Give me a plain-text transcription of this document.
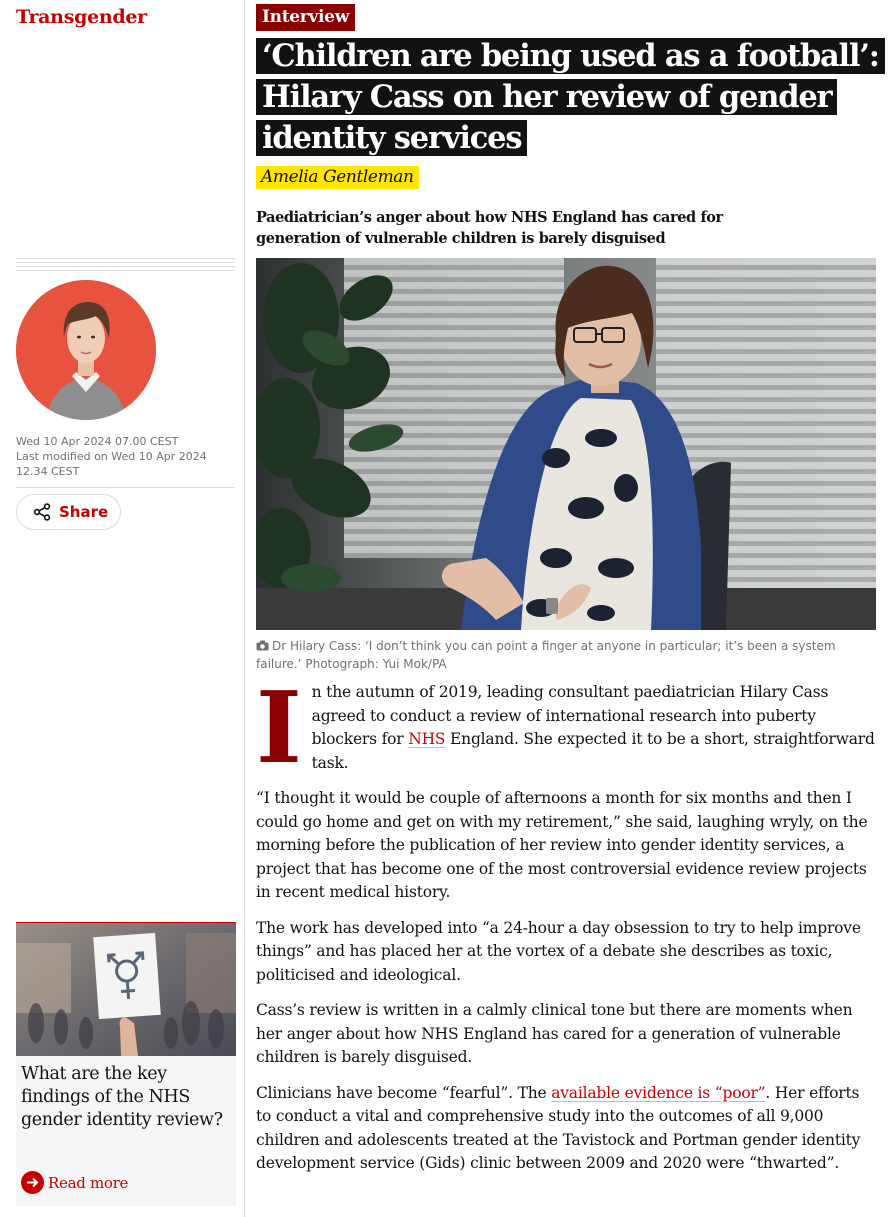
Transgender
Wed 10 Apr 2024 07.00 CEST
Last modified on Wed 10 Apr 2024 12.34 CEST
Share
What are the key findings of the NHS gender identity review?
Read more
Interview
‘Children are being used as a football’: Hilary Cass on her review of gender identity services
Amelia Gentleman
Paediatrician’s anger about how NHS England has cared for generation of vulnerable children is barely disguised
Dr Hilary Cass: ‘I don’t think you can point a finger at anyone in particular; it’s been a system failure.’ Photograph: Yui Mok/PA

In the autumn of 2019, leading consultant paediatrician Hilary Cass agreed to conduct a review of international research into puberty blockers for NHS England. She expected it to be a short, straightforward task.

“I thought it would be couple of afternoons a month for six months and then I could go home and get on with my retirement,” she said, laughing wryly, on the morning before the publication of her review into gender identity services, a project that has become one of the most controversial evidence review projects in recent medical history.

The work has developed into “a 24-hour a day obsession to try to help improve things” and has placed her at the vortex of a debate she describes as toxic, politicised and ideological.

Cass’s review is written in a calmly clinical tone but there are moments when her anger about how NHS England has cared for a generation of vulnerable children is barely disguised.

Clinicians have become “fearful”. The available evidence is “poor”. Her efforts to conduct a vital and comprehensive study into the outcomes of all 9,000 children and adolescents treated at the Tavistock and Portman gender identity development service (Gids) clinic between 2009 and 2020 were “thwarted”.
